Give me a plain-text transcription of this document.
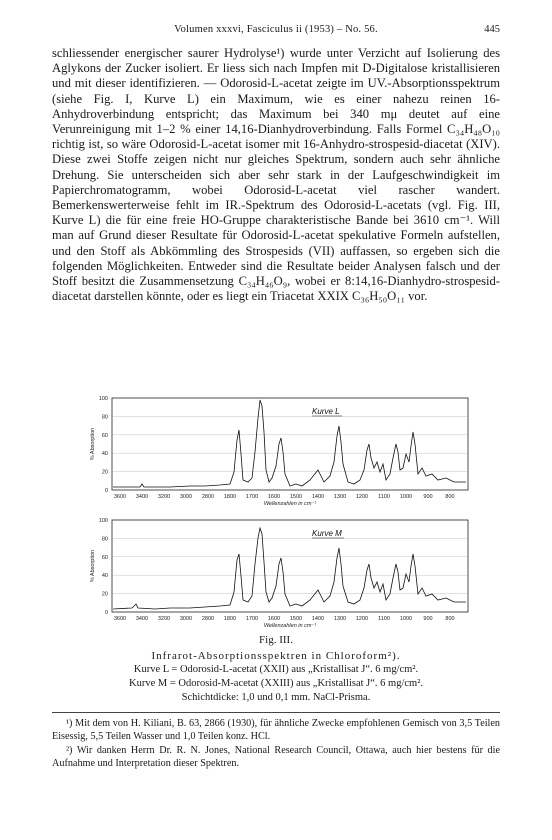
Volumen xxxvi, Fasciculus ii (1953) – No. 56.	445

schliessender energischer saurer Hydrolyse¹) wurde unter Verzicht auf Isolierung des Aglykons der Zucker isoliert. Er liess sich nach Impfen mit D-Digitalose kristallisieren und mit dieser identifizieren. — Odorosid-L-acetat zeigte im UV.-Absorptionsspektrum (siehe Fig. I, Kurve L) ein Maximum, wie es einer nahezu reinen 16-Anhydroverbindung entspricht; das Maximum bei 340 mμ deutet auf eine Verunreinigung mit 1–2 % einer 14,16-Dianhydroverbindung. Falls Formel C₃₄H₄₈O₁₀ richtig ist, so wäre Odorosid-L-acetat isomer mit 16-Anhydro-strospesid-diacetat (XIV). Diese zwei Stoffe zeigen nicht nur gleiches Spektrum, sondern auch sehr ähnliche Drehung. Sie unterscheiden sich aber sehr stark in der Laufgeschwindigkeit im Papierchromatogramm, wobei Odorosid-L-acetat viel rascher wandert. Bemerkenswerterweise fehlt im IR.-Spektrum des Odorosid-L-acetats (vgl. Fig. III, Kurve L) die für eine freie HO-Gruppe charakteristische Bande bei 3610 cm⁻¹. Will man auf Grund dieser Resultate für Odorosid-L-acetat spekulative Formeln aufstellen, und den Stoff als Abkömmling des Strospesids (VII) auffassen, so ergeben sich die folgenden Möglichkeiten. Entweder sind die Resultate beider Analysen falsch und der Stoff besitzt die Zusammensetzung C₃₄H₄₆O₉, wobei er 8:14,16-Dianhydro-strospesid-diacetat darstellen könnte, oder es liegt ein Triacetat XXIX C₃₆H₅₀O₁₁ vor.

100
80
60
40
20
0
% Absorption
3600 3400 3200 3000 2800 1800 1700 1600 1500 1400 1300 1200 1100 1000 900 800
Wellenzahlen in cm⁻¹
Kurve L
100
80
60
40
20
0
% Absorption
3600 3400 3200 3000 2800 1800 1700 1600 1500 1400 1300 1200 1100 1000 900 800
Wellenzahlen in cm⁻¹
Kurve M
Fig. III.
Infrarot-Absorptionsspektren in Chloroform²).
Kurve L = Odorosid-L-acetat (XXII) aus „Kristallisat J“. 6 mg/cm².
Kurve M = Odorosid-M-acetat (XXIII) aus „Kristallisat J“. 6 mg/cm².
Schichtdicke: 1,0 und 0,1 mm. NaCl-Prisma.

¹) Mit dem von H. Kiliani, B. 63, 2866 (1930), für ähnliche Zwecke empfohlenen Gemisch von 3,5 Teilen Eisessig, 5,5 Teilen Wasser und 1,0 Teilen konz. HCl.

²) Wir danken Herrn Dr. R. N. Jones, National Research Council, Ottawa, auch hier bestens für die Aufnahme und Interpretation dieser Spektren.
